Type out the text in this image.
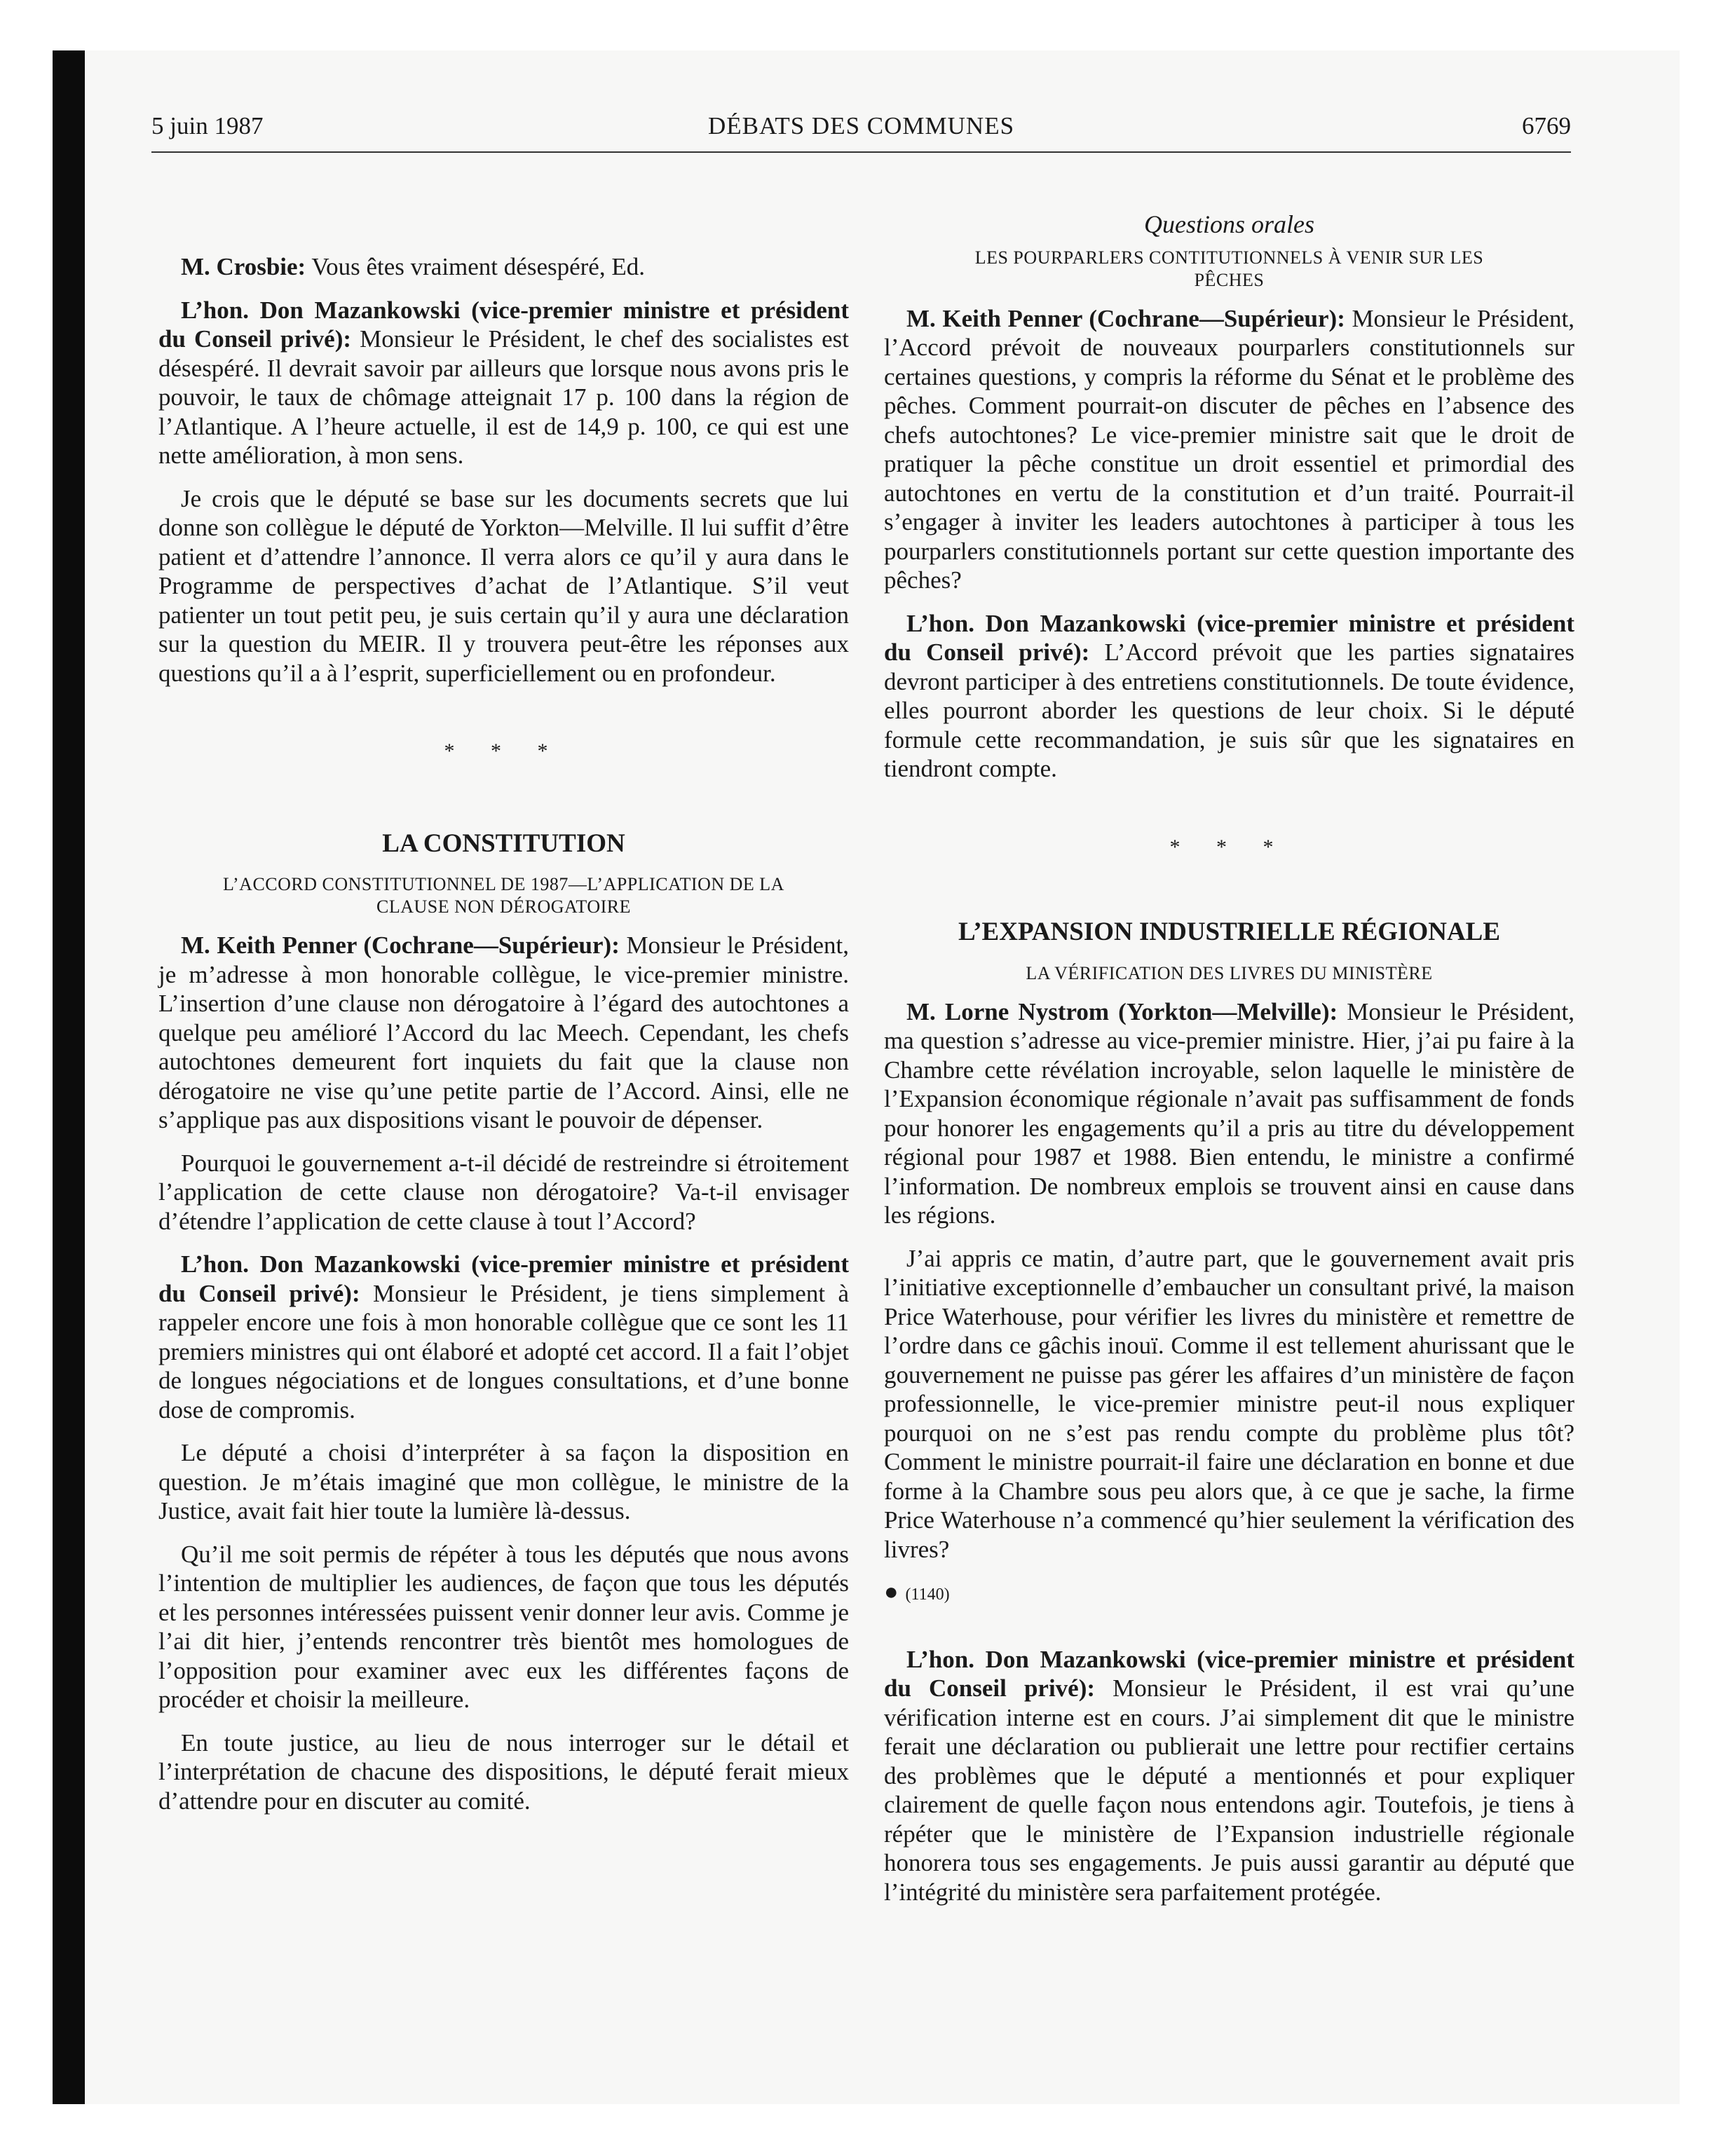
5 juin 1987	DÉBATS DES COMMUNES	6769

M. Crosbie: Vous êtes vraiment désespéré, Ed.

L’hon. Don Mazankowski (vice-premier ministre et président du Conseil privé): Monsieur le Président, le chef des socialistes est désespéré. Il devrait savoir par ailleurs que lorsque nous avons pris le pouvoir, le taux de chômage atteignait 17 p. 100 dans la région de l’Atlantique. A l’heure actuelle, il est de 14,9 p. 100, ce qui est une nette amélioration, à mon sens.

Je crois que le député se base sur les documents secrets que lui donne son collègue le député de Yorkton—Melville. Il lui suffit d’être patient et d’attendre l’annonce. Il verra alors ce qu’il y aura dans le Programme de perspectives d’achat de l’Atlantique. S’il veut patienter un tout petit peu, je suis certain qu’il y aura une déclaration sur la question du MEIR. Il y trouvera peut-être les réponses aux questions qu’il a à l’esprit, superficiellement ou en profondeur.

* * *
LA CONSTITUTION
L’ACCORD CONSTITUTIONNEL DE 1987—L’APPLICATION DE LA CLAUSE NON DÉROGATOIRE

M. Keith Penner (Cochrane—Supérieur): Monsieur le Président, je m’adresse à mon honorable collègue, le vice-premier ministre. L’insertion d’une clause non dérogatoire à l’égard des autochtones a quelque peu amélioré l’Accord du lac Meech. Cependant, les chefs autochtones demeurent fort inquiets du fait que la clause non dérogatoire ne vise qu’une petite partie de l’Accord. Ainsi, elle ne s’applique pas aux dispositions visant le pouvoir de dépenser.

Pourquoi le gouvernement a-t-il décidé de restreindre si étroitement l’application de cette clause non dérogatoire? Va-t-il envisager d’étendre l’application de cette clause à tout l’Accord?

L’hon. Don Mazankowski (vice-premier ministre et président du Conseil privé): Monsieur le Président, je tiens simplement à rappeler encore une fois à mon honorable collègue que ce sont les 11 premiers ministres qui ont élaboré et adopté cet accord. Il a fait l’objet de longues négociations et de longues consultations, et d’une bonne dose de compromis.

Le député a choisi d’interpréter à sa façon la disposition en question. Je m’étais imaginé que mon collègue, le ministre de la Justice, avait fait hier toute la lumière là-dessus.

Qu’il me soit permis de répéter à tous les députés que nous avons l’intention de multiplier les audiences, de façon que tous les députés et les personnes intéressées puissent venir donner leur avis. Comme je l’ai dit hier, j’entends rencontrer très bientôt mes homologues de l’opposition pour examiner avec eux les différentes façons de procéder et choisir la meilleure.

En toute justice, au lieu de nous interroger sur le détail et l’interprétation de chacune des dispositions, le député ferait mieux d’attendre pour en discuter au comité.

Questions orales
LES POURPARLERS CONTITUTIONNELS À VENIR SUR LES PÊCHES

M. Keith Penner (Cochrane—Supérieur): Monsieur le Président, l’Accord prévoit de nouveaux pourparlers constitutionnels sur certaines questions, y compris la réforme du Sénat et le problème des pêches. Comment pourrait-on discuter de pêches en l’absence des chefs autochtones? Le vice-premier ministre sait que le droit de pratiquer la pêche constitue un droit essentiel et primordial des autochtones en vertu de la constitution et d’un traité. Pourrait-il s’engager à inviter les leaders autochtones à participer à tous les pourparlers constitutionnels portant sur cette question importante des pêches?

L’hon. Don Mazankowski (vice-premier ministre et président du Conseil privé): L’Accord prévoit que les parties signataires devront participer à des entretiens constitutionnels. De toute évidence, elles pourront aborder les questions de leur choix. Si le député formule cette recommandation, je suis sûr que les signataires en tiendront compte.

* * *
L’EXPANSION INDUSTRIELLE RÉGIONALE
LA VÉRIFICATION DES LIVRES DU MINISTÈRE

M. Lorne Nystrom (Yorkton—Melville): Monsieur le Président, ma question s’adresse au vice-premier ministre. Hier, j’ai pu faire à la Chambre cette révélation incroyable, selon laquelle le ministère de l’Expansion économique régionale n’avait pas suffisamment de fonds pour honorer les engagements qu’il a pris au titre du développement régional pour 1987 et 1988. Bien entendu, le ministre a confirmé l’information. De nombreux emplois se trouvent ainsi en cause dans les régions.

J’ai appris ce matin, d’autre part, que le gouvernement avait pris l’initiative exceptionnelle d’embaucher un consultant privé, la maison Price Waterhouse, pour vérifier les livres du ministère et remettre de l’ordre dans ce gâchis inouï. Comme il est tellement ahurissant que le gouvernement ne puisse pas gérer les affaires d’un ministère de façon professionnelle, le vice-premier ministre peut-il nous expliquer pourquoi on ne s’est pas rendu compte du problème plus tôt? Comment le ministre pourrait-il faire une déclaration en bonne et due forme à la Chambre sous peu alors que, à ce que je sache, la firme Price Waterhouse n’a commencé qu’hier seulement la vérification des livres?

● (1140)

L’hon. Don Mazankowski (vice-premier ministre et président du Conseil privé): Monsieur le Président, il est vrai qu’une vérification interne est en cours. J’ai simplement dit que le ministre ferait une déclaration ou publierait une lettre pour rectifier certains des problèmes que le député a mentionnés et pour expliquer clairement de quelle façon nous entendons agir. Toutefois, je tiens à répéter que le ministère de l’Expansion industrielle régionale honorera tous ses engagements. Je puis aussi garantir au député que l’intégrité du ministère sera parfaitement protégée.
